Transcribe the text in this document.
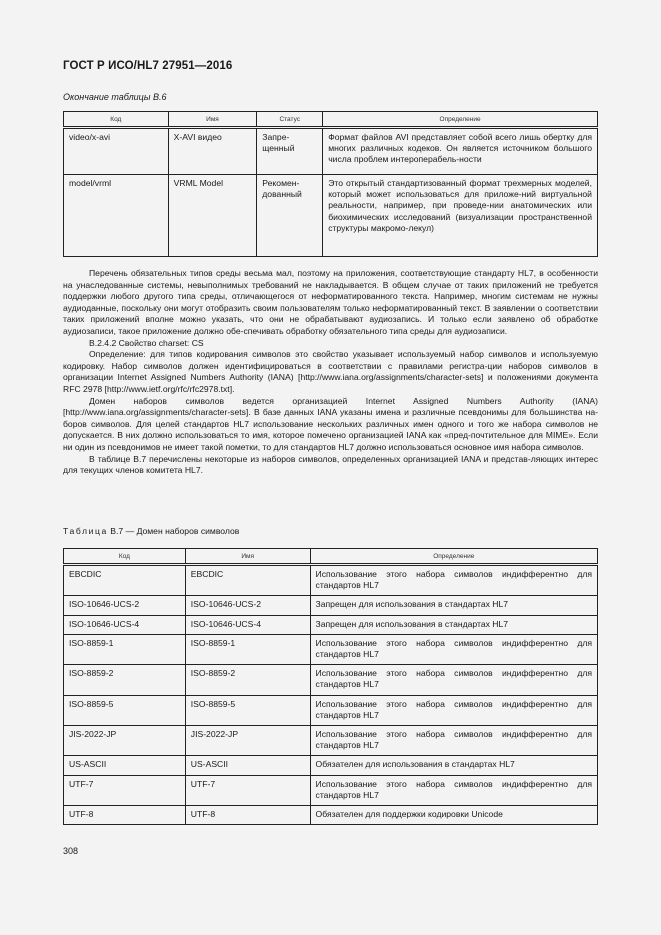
ГОСТ Р ИСО/HL7 27951—2016
Окончание таблицы В.6
Код	Имя	Статус	Определение
video/x-avi	X-AVI видео	Запре-щенный	Формат файлов AVI представляет собой всего лишь обертку для многих различных кодеков. Он является источником большого числа проблем интероперабель-ности
model/vrml	VRML Model	Рекомен-дованный	Это открытый стандартизованный формат трехмерных моделей, который может использоваться для приложе-ний виртуальной реальности, например, при проведе-нии анатомических или биохимических исследований (визуализации пространственной структуры макромо-лекул)

Перечень обязательных типов среды весьма мал, поэтому на приложения, соответствующие стандарту HL7, в особенности на унаследованные системы, невыполнимых требований не накладывается. В общем случае от таких приложений не требуется поддержки любого другого типа среды, отличающегося от неформатированного текста. Например, многим системам не нужны аудиоданные, поскольку они могут отобразить своим пользователям только неформатированный текст. В заявлении о соответствии таких приложений вполне можно указать, что они не обрабатывают аудиозапись. И только если заявлено об обработке аудиозаписи, такое приложение должно обе-спечивать обработку обязательного типа среды для аудиозаписи.

В.2.4.2 Свойство charset: CS

Определение: для типов кодирования символов это свойство указывает используемый набор символов и используемую кодировку. Набор символов должен идентифицироваться в соответствии с правилами регистра-ции наборов символов в организации Internet Assigned Numbers Authority (IANA) [http://www.iana.org/assignments/character-sets] и положениями документа RFC 2978 [http://www.ietf.org/rfc/rfc2978.txt].

Домен наборов символов ведется организацией Internet Assigned Numbers Authority (IANA) [http://www.iana.org/assignments/character-sets]. В базе данных IANA указаны имена и различные псевдонимы для большинства на-боров символов. Для целей стандартов HL7 использование нескольких различных имен одного и того же набора символов не допускается. В них должно использоваться то имя, которое помечено организацией IANA как «пред-почтительное для MIME». Если ни один из псевдонимов не имеет такой пометки, то для стандартов HL7 должно использоваться основное имя набора символов.

В таблице В.7 перечислены некоторые из наборов символов, определенных организацией IANA и представ-ляющих интерес для текущих членов комитета HL7.

Таблица В.7 — Домен наборов символов
Код	Имя	Определение
EBCDIC	EBCDIC	Использование этого набора символов индифферентно для стандартов HL7
ISO-10646-UCS-2	ISO-10646-UCS-2	Запрещен для использования в стандартах HL7
ISO-10646-UCS-4	ISO-10646-UCS-4	Запрещен для использования в стандартах HL7
ISO-8859-1	ISO-8859-1	Использование этого набора символов индифферентно для стандартов HL7
ISO-8859-2	ISO-8859-2	Использование этого набора символов индифферентно для стандартов HL7
ISO-8859-5	ISO-8859-5	Использование этого набора символов индифферентно для стандартов HL7
JIS-2022-JP	JIS-2022-JP	Использование этого набора символов индифферентно для стандартов HL7
US-ASCII	US-ASCII	Обязателен для использования в стандартах HL7
UTF-7	UTF-7	Использование этого набора символов индифферентно для стандартов HL7
UTF-8	UTF-8	Обязателен для поддержки кодировки Unicode
308
